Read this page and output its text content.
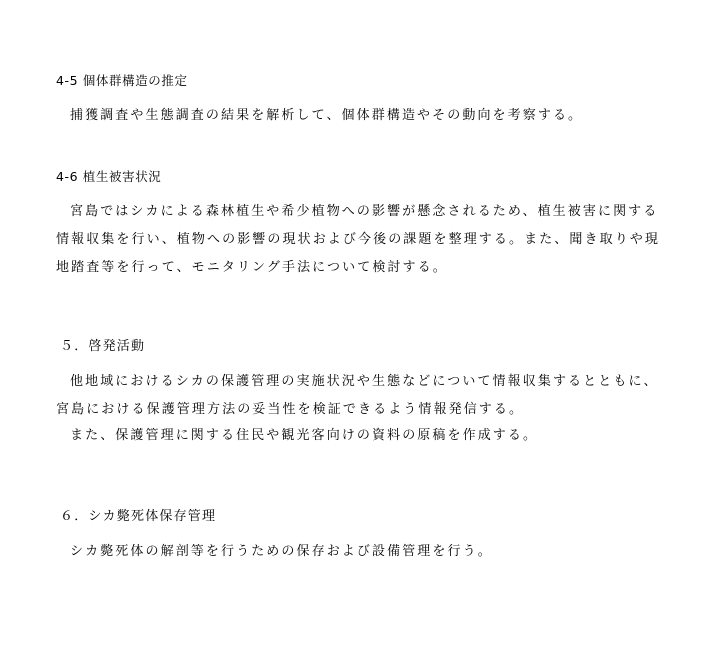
4-5 個体群構造の推定
捕獲調査や生態調査の結果を解析して、個体群構造やその動向を考察する。
4-6 植生被害状況
宮島ではシカによる森林植生や希少植物への影響が懸念されるため、植生被害に関する
情報収集を行い、植物への影響の現状および今後の課題を整理する。また、聞き取りや現
地踏査等を行って、モニタリング手法について検討する。
５．啓発活動
他地域におけるシカの保護管理の実施状況や生態などについて情報収集するとともに、
宮島における保護管理方法の妥当性を検証できるよう情報発信する。
また、保護管理に関する住民や観光客向けの資料の原稿を作成する。
６．シカ斃死体保存管理
シカ斃死体の解剖等を行うための保存および設備管理を行う。
